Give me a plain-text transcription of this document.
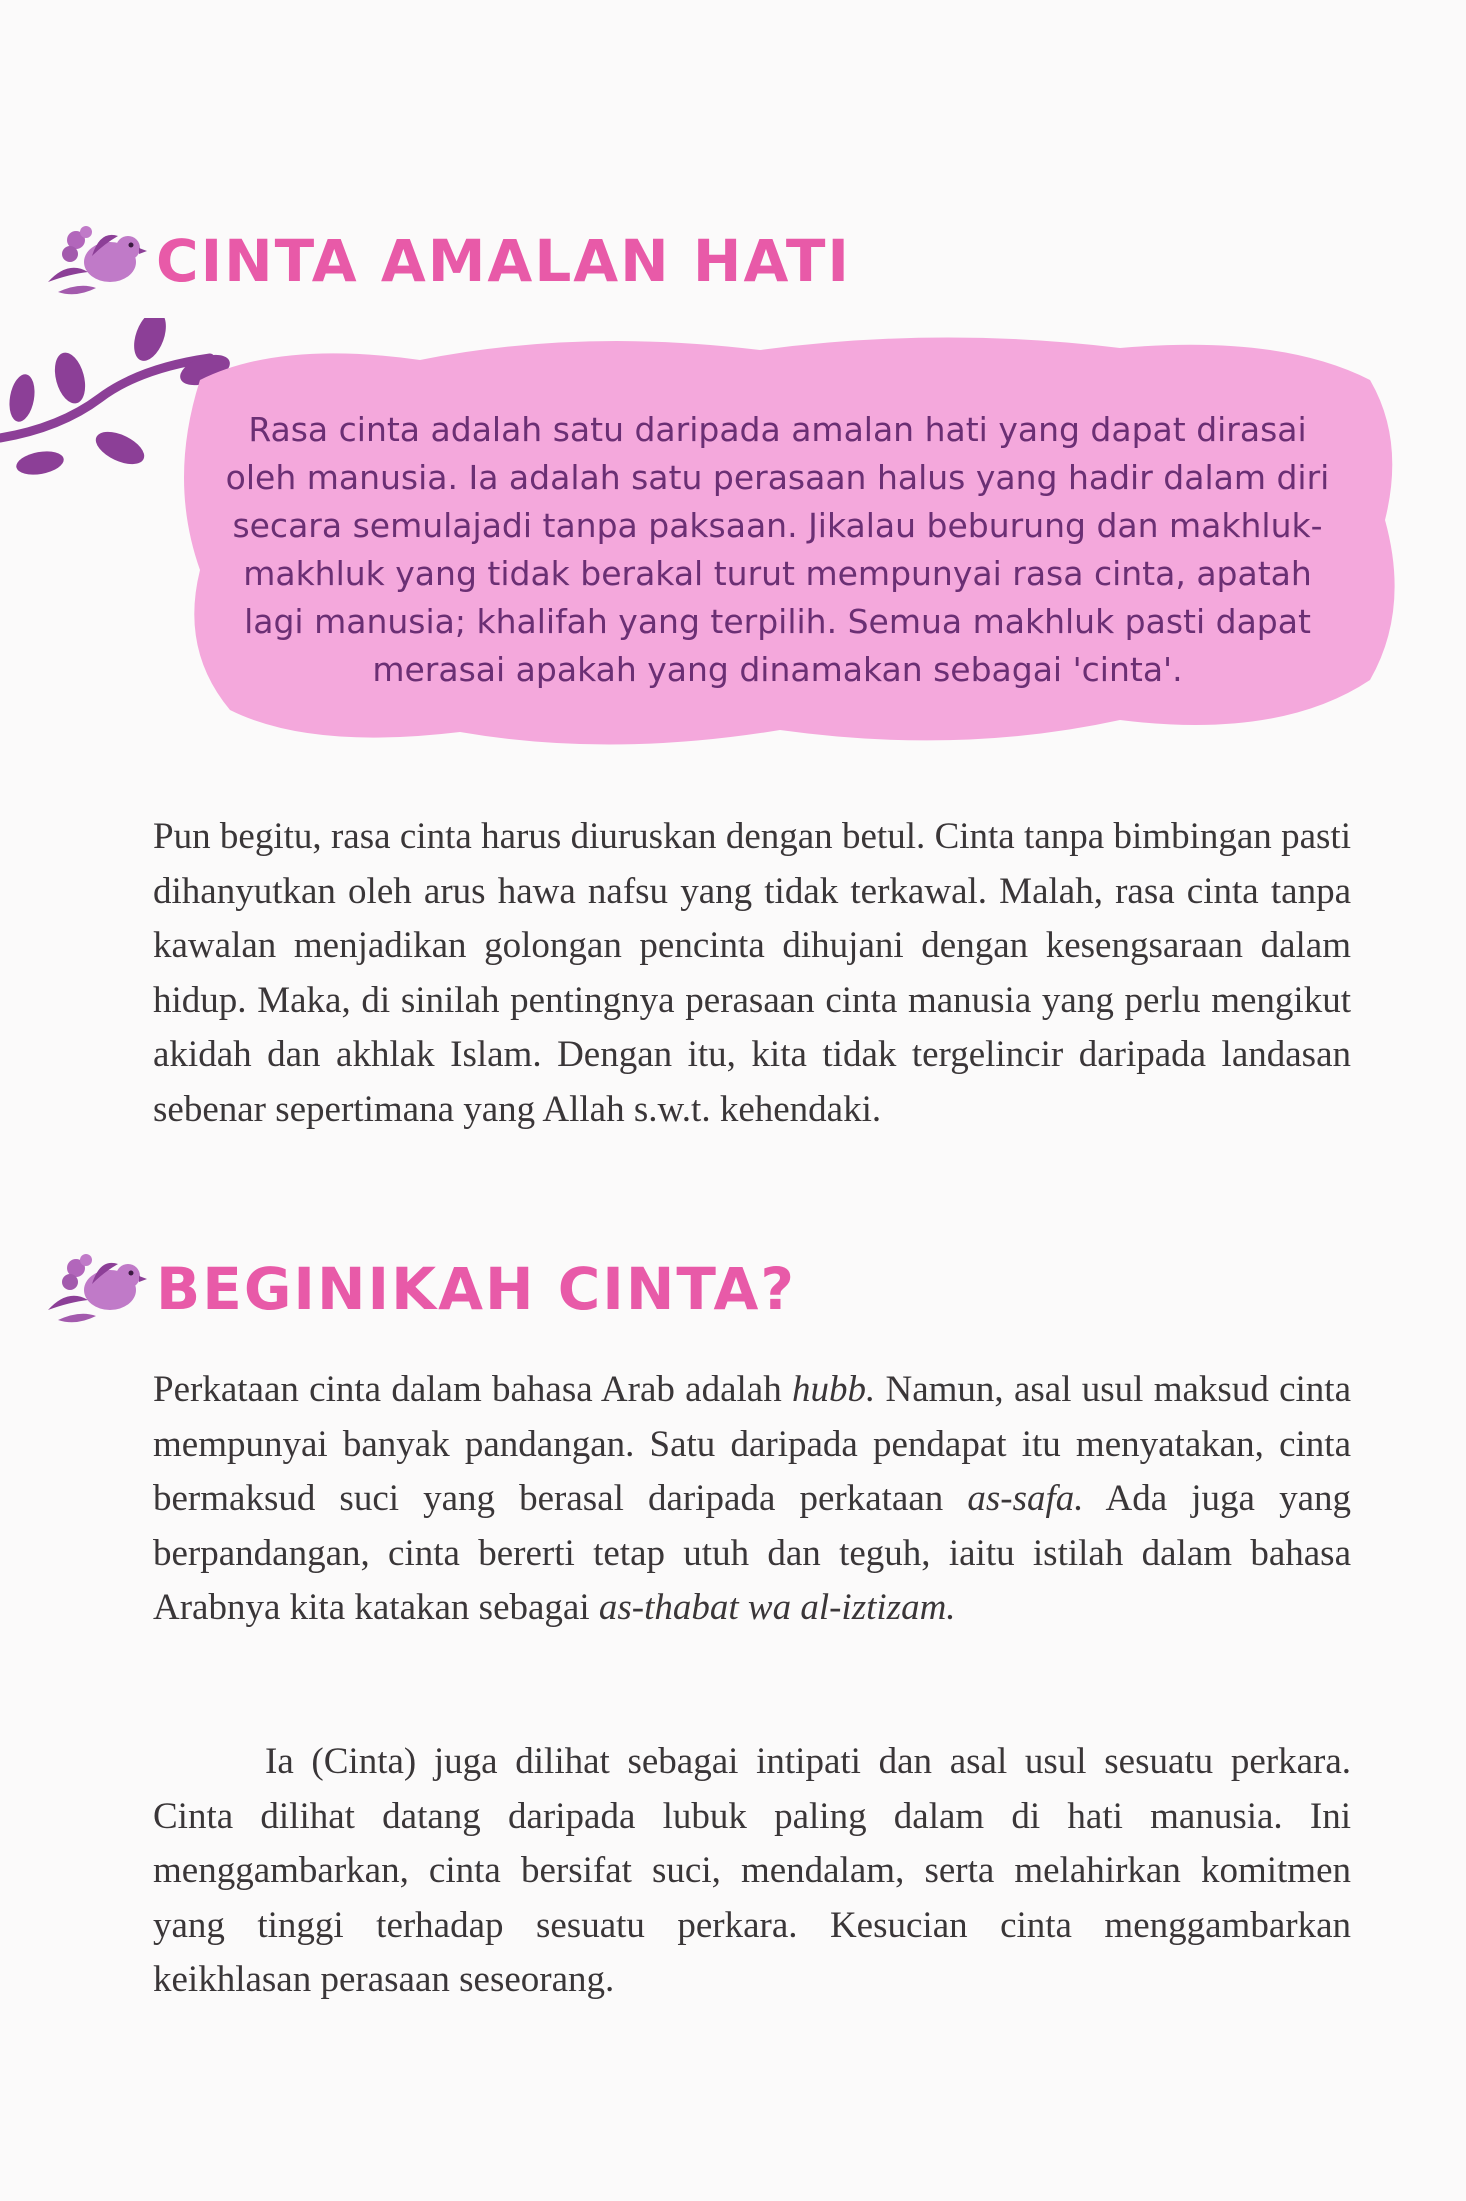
CINTA AMALAN HATI

Rasa cinta adalah satu daripada amalan hati yang dapat dirasai oleh manusia. Ia adalah satu perasaan halus yang hadir dalam diri secara semulajadi tanpa paksaan. Jikalau beburung dan makhluk-makhluk yang tidak berakal turut mempunyai rasa cinta, apatah lagi manusia; khalifah yang terpilih. Semua makhluk pasti dapat merasai apakah yang dinamakan sebagai 'cinta'.

Pun begitu, rasa cinta harus diuruskan dengan betul. Cinta tanpa bimbingan pasti dihanyutkan oleh arus hawa nafsu yang tidak terkawal. Malah, rasa cinta tanpa kawalan menjadikan golongan pencinta dihujani dengan kesengsaraan dalam hidup. Maka, di sinilah pentingnya perasaan cinta manusia yang perlu mengikut akidah dan akhlak Islam. Dengan itu, kita tidak tergelincir daripada landasan sebenar sepertimana yang Allah s.w.t. kehendaki.

BEGINIKAH CINTA?

Perkataan cinta dalam bahasa Arab adalah hubb. Namun, asal usul maksud cinta mempunyai banyak pandangan. Satu daripada pendapat itu menyatakan, cinta bermaksud suci yang berasal daripada perkataan as-safa. Ada juga yang berpandangan, cinta bererti tetap utuh dan teguh, iaitu istilah dalam bahasa Arabnya kita katakan sebagai as-thabat wa al-iztizam.

Ia (Cinta) juga dilihat sebagai intipati dan asal usul sesuatu perkara. Cinta dilihat datang daripada lubuk paling dalam di hati manusia. Ini menggambarkan, cinta bersifat suci, mendalam, serta melahirkan komitmen yang tinggi terhadap sesuatu perkara. Kesucian cinta menggambarkan keikhlasan perasaan seseorang.
